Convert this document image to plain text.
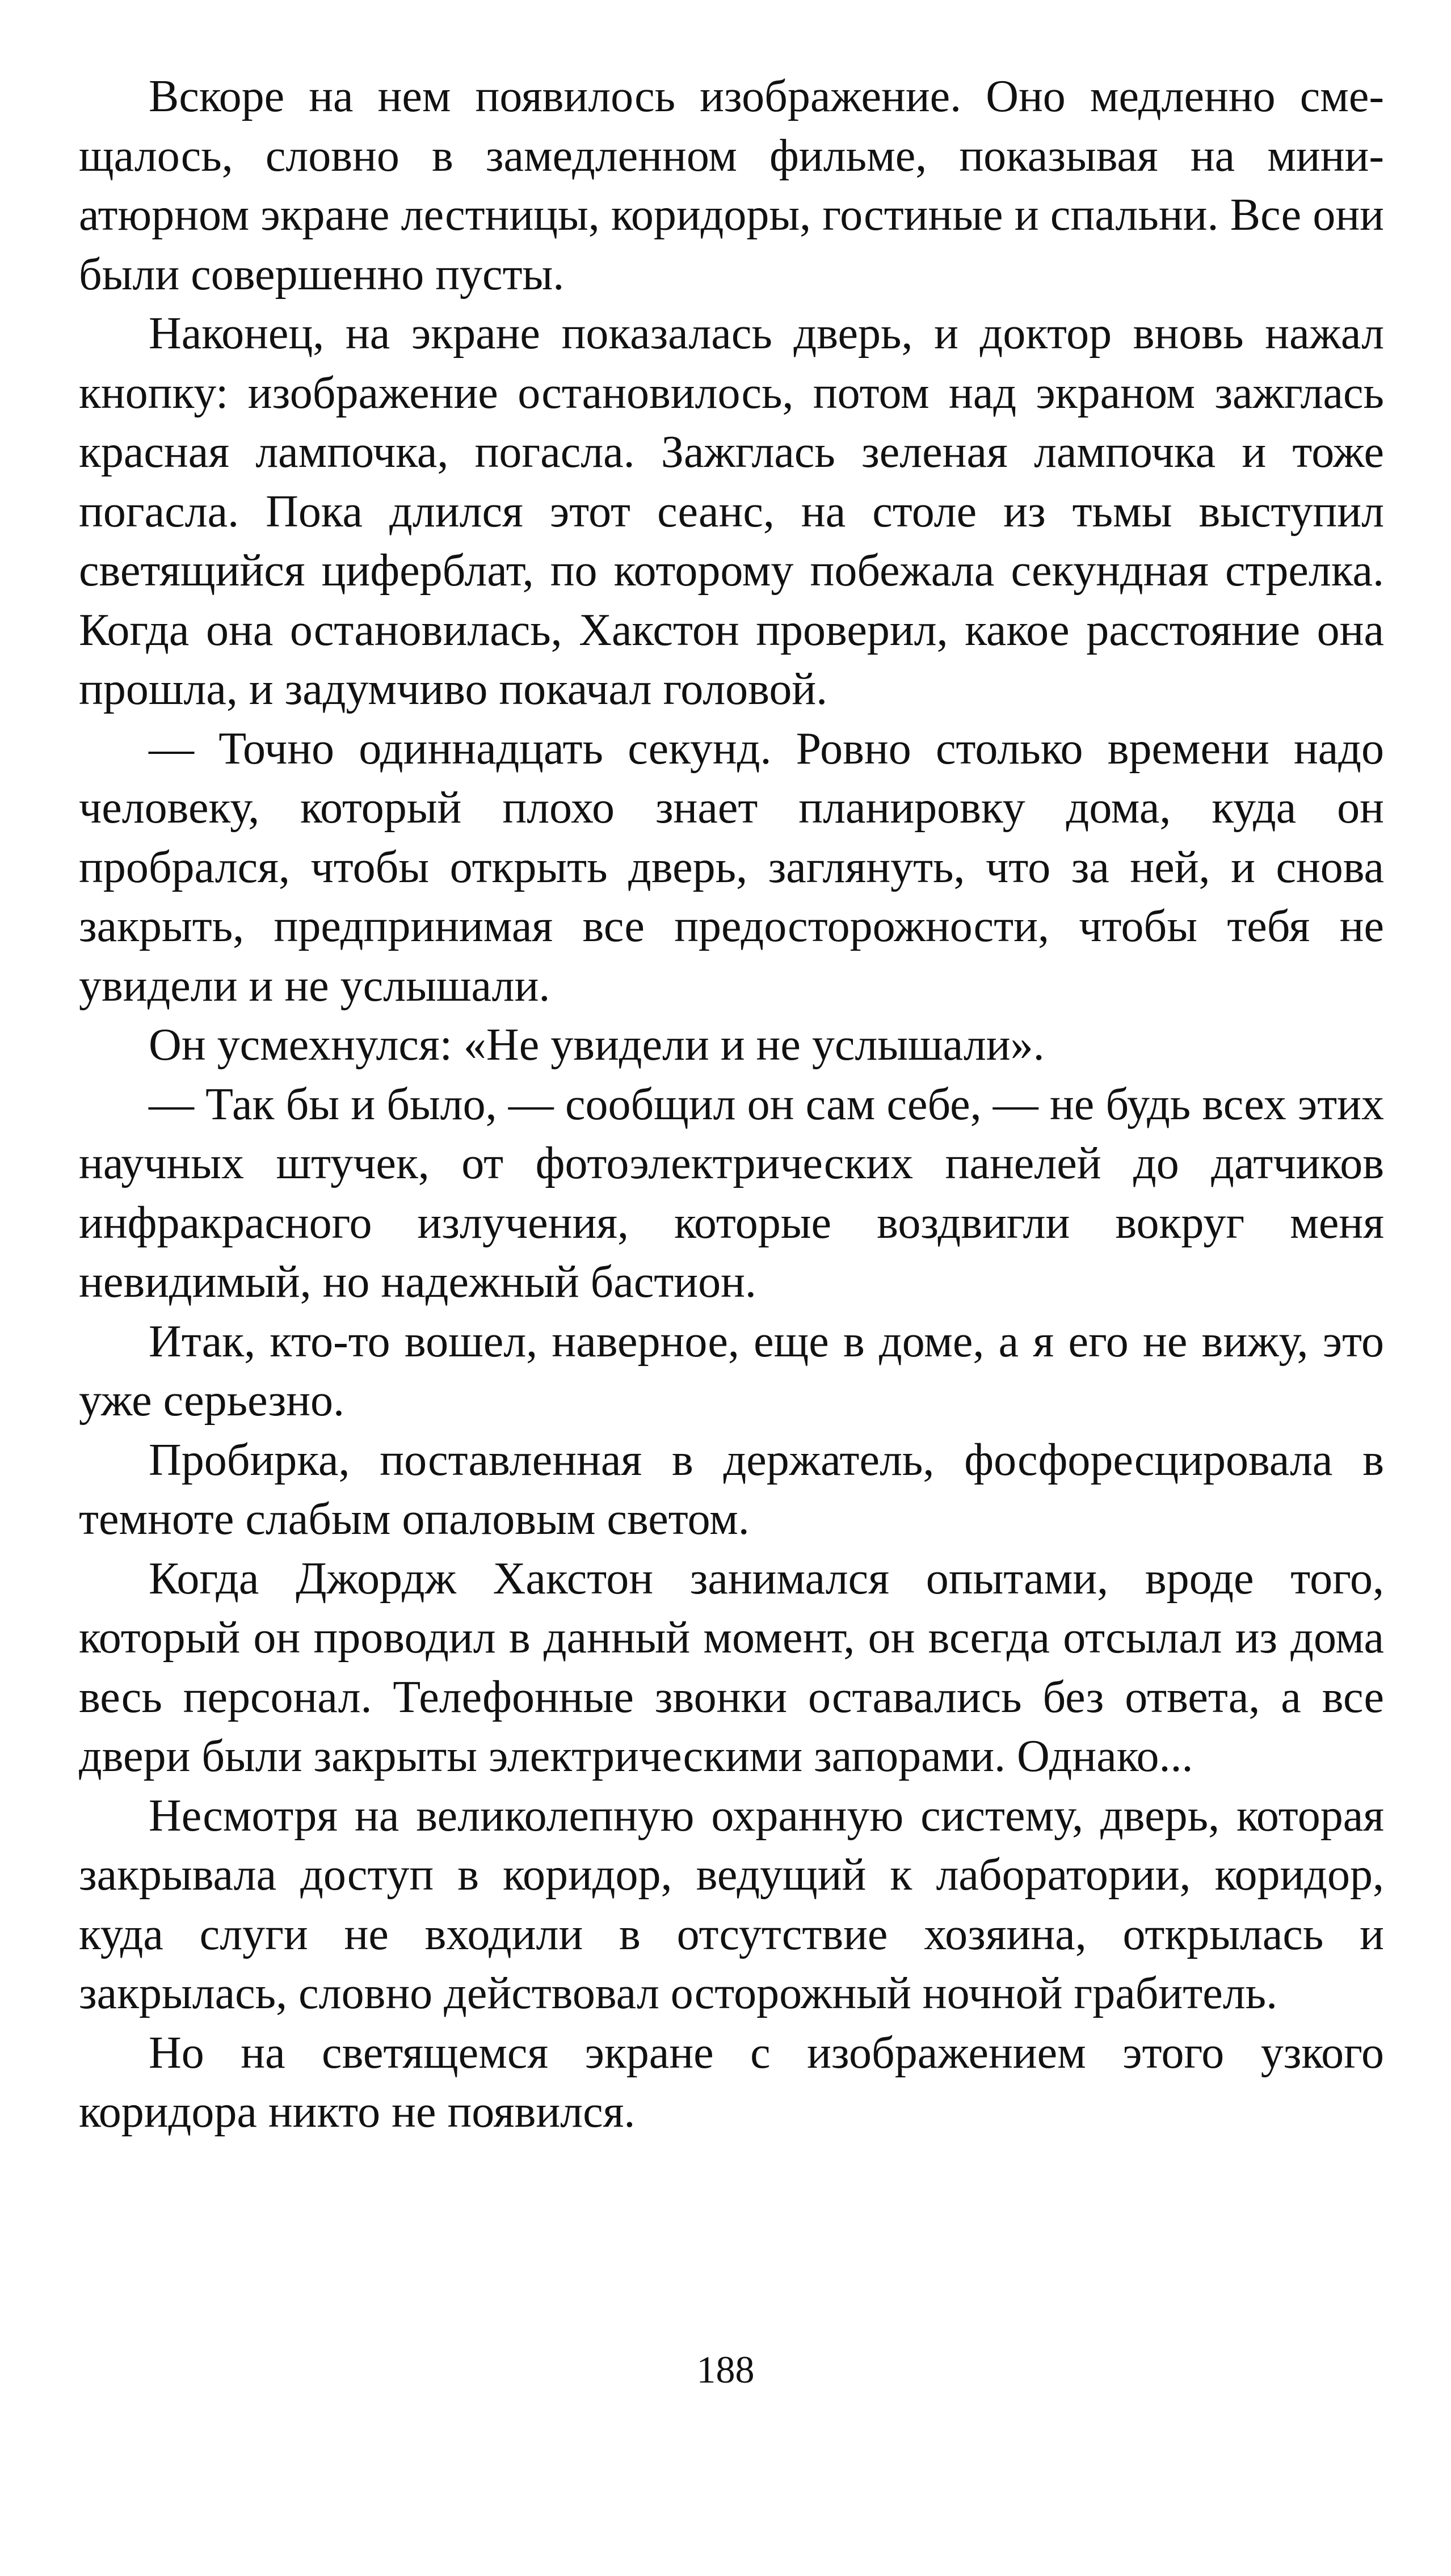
Вскоре на нем появилось изображение. Оно медленно смещалось, словно в замедленном фильме, показывая на миниатюрном экране лестницы, коридоры, гостиные и спальни. Все они были совершенно пусты.

Наконец, на экране показалась дверь, и доктор вновь нажал кнопку: изображение остановилось, потом над экраном зажглась красная лампочка, погасла. Зажглась зеленая лампочка и тоже погасла. Пока длился этот сеанс, на столе из тьмы выступил светящийся циферблат, по которому побежала секундная стрелка. Когда она остановилась, Хакстон проверил, какое расстояние она прошла, и задумчиво покачал головой.

— Точно одиннадцать секунд. Ровно столько времени надо человеку, который плохо знает планировку дома, куда он пробрался, чтобы открыть дверь, заглянуть, что за ней, и снова закрыть, предпринимая все предосторожности, чтобы тебя не увидели и не услышали.

Он усмехнулся: «Не увидели и не услышали».

— Так бы и было, — сообщил он сам себе, — не будь всех этих научных штучек, от фотоэлектрических панелей до датчиков инфракрасного излучения, которые воздвигли вокруг меня невидимый, но надежный бастион.

Итак, кто-то вошел, наверное, еще в доме, а я его не вижу, это уже серьезно.

Пробирка, поставленная в держатель, фосфоресцировала в темноте слабым опаловым светом.

Когда Джордж Хакстон занимался опытами, вроде того, который он проводил в данный момент, он всегда отсылал из дома весь персонал. Телефонные звонки оставались без ответа, а все двери были закрыты электрическими запорами. Однако...

Несмотря на великолепную охранную систему, дверь, которая закрывала доступ в коридор, ведущий к лаборатории, коридор, куда слуги не входили в отсутствие хозяина, открылась и закрылась, словно действовал осторожный ночной грабитель.

Но на светящемся экране с изображением этого узкого коридора никто не появился.

188
